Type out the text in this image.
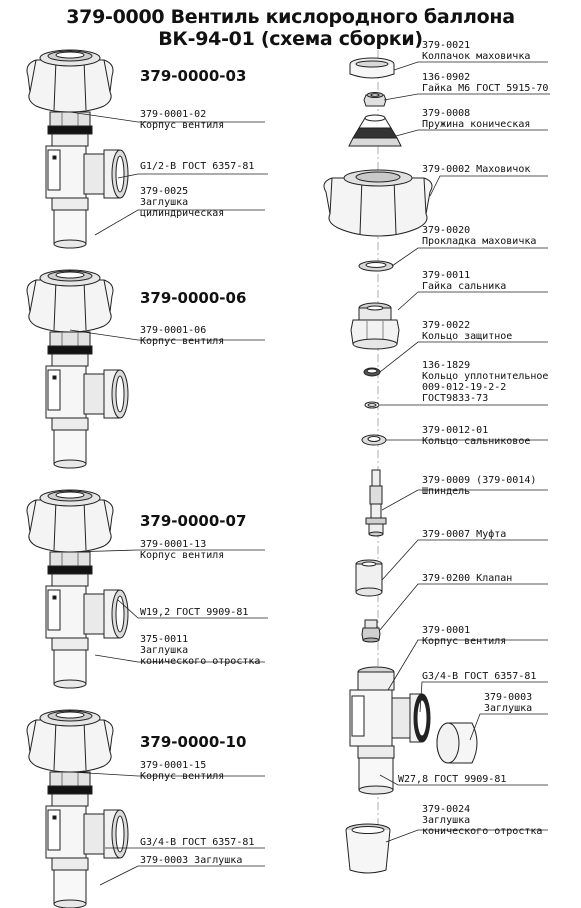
379-0000 Вентиль кислородного баллона
ВК-94-01 (схема сборки)
379-0000-03
379-0000-06
379-0000-07
379-0000-10
379-0001-02
Корпус вентиля
G1/2-В ГОСТ 6357-81
379-0025
Заглушка
цилиндрическая
379-0001-06
Корпус вентиля
379-0001-13
Корпус вентиля
W19,2 ГОСТ 9909-81
375-0011
Заглушка
конического отростка
379-0001-15
Корпус вентиля
G3/4-В ГОСТ 6357-81
379-0003 Заглушка
379-0021
Колпачок маховичка
136-0902
Гайка М6 ГОСТ 5915-70
379-0008
Пружина коническая
379-0002 Маховичок
379-0020
Прокладка маховичка
379-0011
Гайка сальника
379-0022
Кольцо защитное
136-1829
Кольцо уплотнительное
009-012-19-2-2
ГОСТ9833-73
379-0012-01
Кольцо сальниковое
379-0009 (379-0014)
Шпиндель
379-0007 Муфта
379-0200 Клапан
379-0001
Корпус вентиля
G3/4-В ГОСТ 6357-81
379-0003
Заглушка
W27,8 ГОСТ 9909-81
379-0024
Заглушка
конического отростка
